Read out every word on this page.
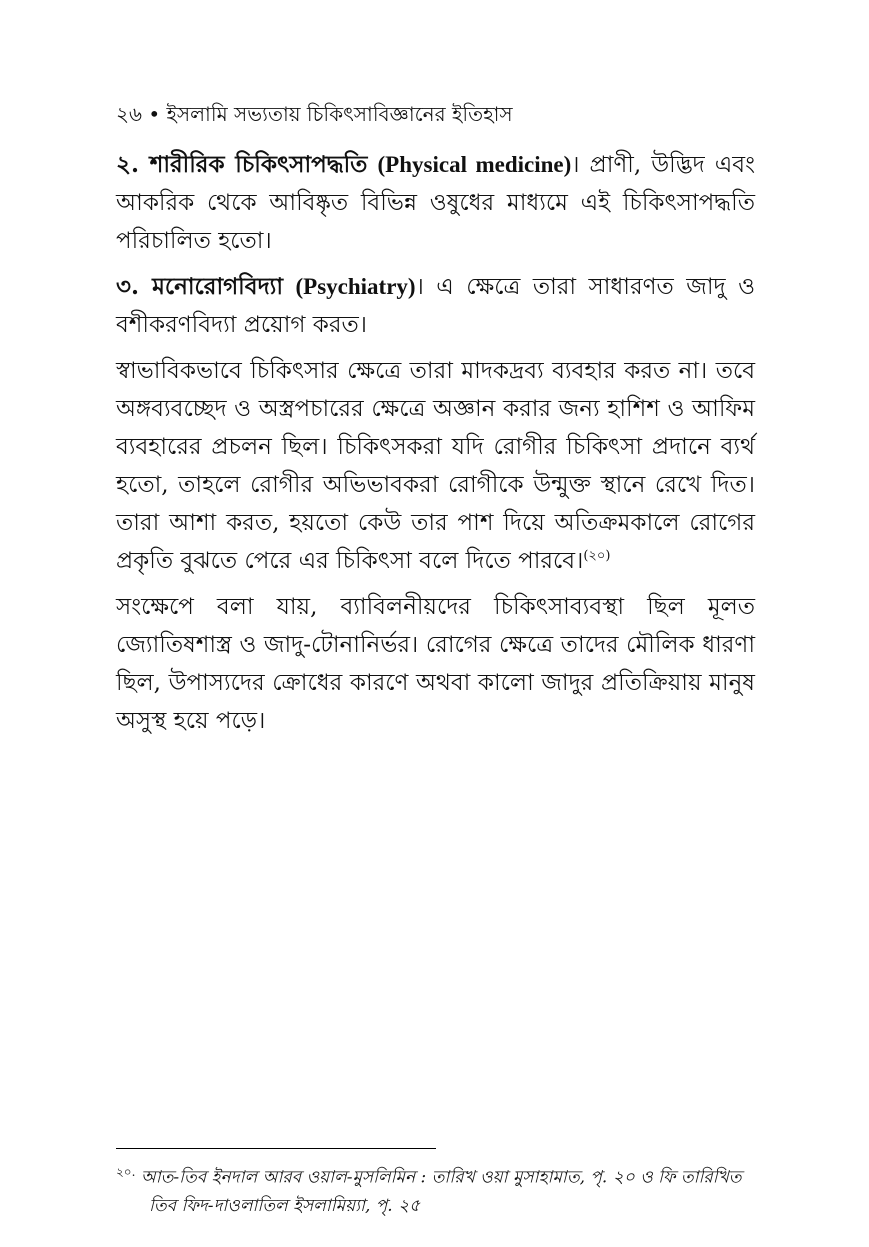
২৬ • ইসলামি সভ্যতায় চিকিৎসাবিজ্ঞানের ইতিহাস

২. শারীরিক চিকিৎসাপদ্ধতি (Physical medicine)। প্রাণী, উদ্ভিদ এবং আকরিক থেকে আবিষ্কৃত বিভিন্ন ওষুধের মাধ্যমে এই চিকিৎসাপদ্ধতি পরিচালিত হতো।

৩. মনোরোগবিদ্যা (Psychiatry)। এ ক্ষেত্রে তারা সাধারণত জাদু ও বশীকরণবিদ্যা প্রয়োগ করত।

স্বাভাবিকভাবে চিকিৎসার ক্ষেত্রে তারা মাদকদ্রব্য ব্যবহার করত না। তবে অঙ্গব্যবচ্ছেদ ও অস্ত্রপচারের ক্ষেত্রে অজ্ঞান করার জন্য হাশিশ ও আফিম ব্যবহারের প্রচলন ছিল। চিকিৎসকরা যদি রোগীর চিকিৎসা প্রদানে ব্যর্থ হতো, তাহলে রোগীর অভিভাবকরা রোগীকে উন্মুক্ত স্থানে রেখে দিত। তারা আশা করত, হয়তো কেউ তার পাশ দিয়ে অতিক্রমকালে রোগের প্রকৃতি বুঝতে পেরে এর চিকিৎসা বলে দিতে পারবে।$^{(২০)}$

সংক্ষেপে বলা যায়, ব্যাবিলনীয়দের চিকিৎসাব্যবস্থা ছিল মূলত জ্যোতিষশাস্ত্র ও জাদু-টোনানির্ভর। রোগের ক্ষেত্রে তাদের মৌলিক ধারণা ছিল, উপাস্যদের ক্রোধের কারণে অথবা কালো জাদুর প্রতিক্রিয়ায় মানুষ অসুস্থ হয়ে পড়ে।

$^{২০.}$ আত-তিব ইনদাল আরব ওয়াল-মুসলিমিন : তারিখ ওয়া মুসাহামাত, পৃ. ২০ ও ফি তারিখিত
তিব ফিদ-দাওলাতিল ইসলামিয়্যা, পৃ. ২৫
